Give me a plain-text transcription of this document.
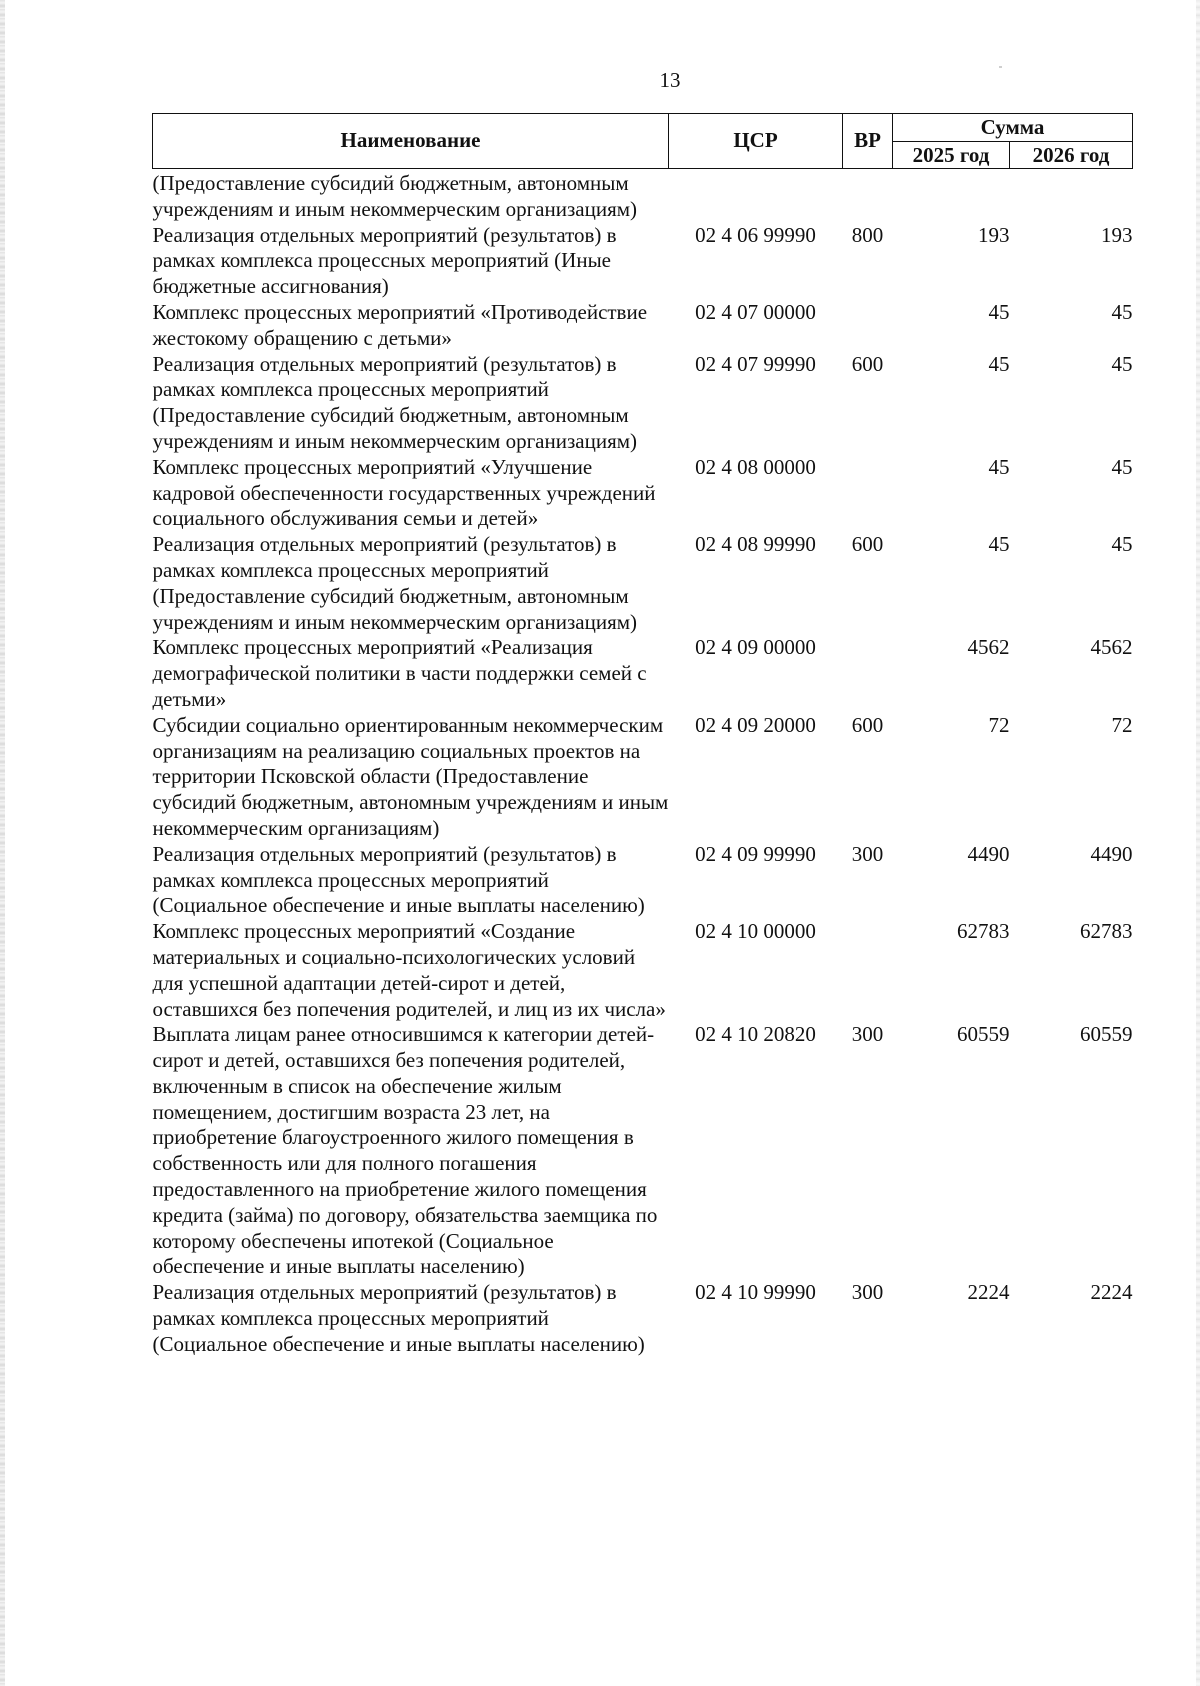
13
Наименование	ЦСР	ВР	Сумма	
			2025 год	2026 год
(Предоставление субсидий бюджетным, автономным учреждениям и иным некоммерческим организациям)				
Реализация отдельных мероприятий (результатов) в рамках комплекса процессных мероприятий (Иные бюджетные ассигнования)	02 4 06 99990	800	193	193
Комплекс процессных мероприятий «Противодействие жестокому обращению с детьми»	02 4 07 00000		45	45
Реализация отдельных мероприятий (результатов) в рамках комплекса процессных мероприятий (Предоставление субсидий бюджетным, автономным учреждениям и иным некоммерческим организациям)	02 4 07 99990	600	45	45
Комплекс процессных мероприятий «Улучшение кадровой обеспеченности государственных учреждений социального обслуживания семьи и детей»	02 4 08 00000		45	45
Реализация отдельных мероприятий (результатов) в рамках комплекса процессных мероприятий (Предоставление субсидий бюджетным, автономным учреждениям и иным некоммерческим организациям)	02 4 08 99990	600	45	45
Комплекс процессных мероприятий «Реализация демографической политики в части поддержки семей с детьми»	02 4 09 00000		4562	4562
Субсидии социально ориентированным некоммерческим организациям на реализацию социальных проектов на территории Псковской области (Предоставление субсидий бюджетным, автономным учреждениям и иным некоммерческим организациям)	02 4 09 20000	600	72	72
Реализация отдельных мероприятий (результатов) в рамках комплекса процессных мероприятий (Социальное обеспечение и иные выплаты населению)	02 4 09 99990	300	4490	4490
Комплекс процессных мероприятий «Создание материальных и социально-психологических условий для успешной адаптации детей-сирот и детей, оставшихся без попечения родителей, и лиц из их числа»	02 4 10 00000		62783	62783
Выплата лицам ранее относившимся к категории детей-сирот и детей, оставшихся без попечения родителей, включенным в список на обеспечение жилым помещением, достигшим возраста 23 лет, на приобретение благоустроенного жилого помещения в собственность или для полного погашения предоставленного на приобретение жилого помещения кредита (займа) по договору, обязательства заемщика по которому обеспечены ипотекой (Социальное обеспечение и иные выплаты населению)	02 4 10 20820	300	60559	60559
Реализация отдельных мероприятий (результатов) в рамках комплекса процессных мероприятий (Социальное обеспечение и иные выплаты населению)	02 4 10 99990	300	2224	2224
